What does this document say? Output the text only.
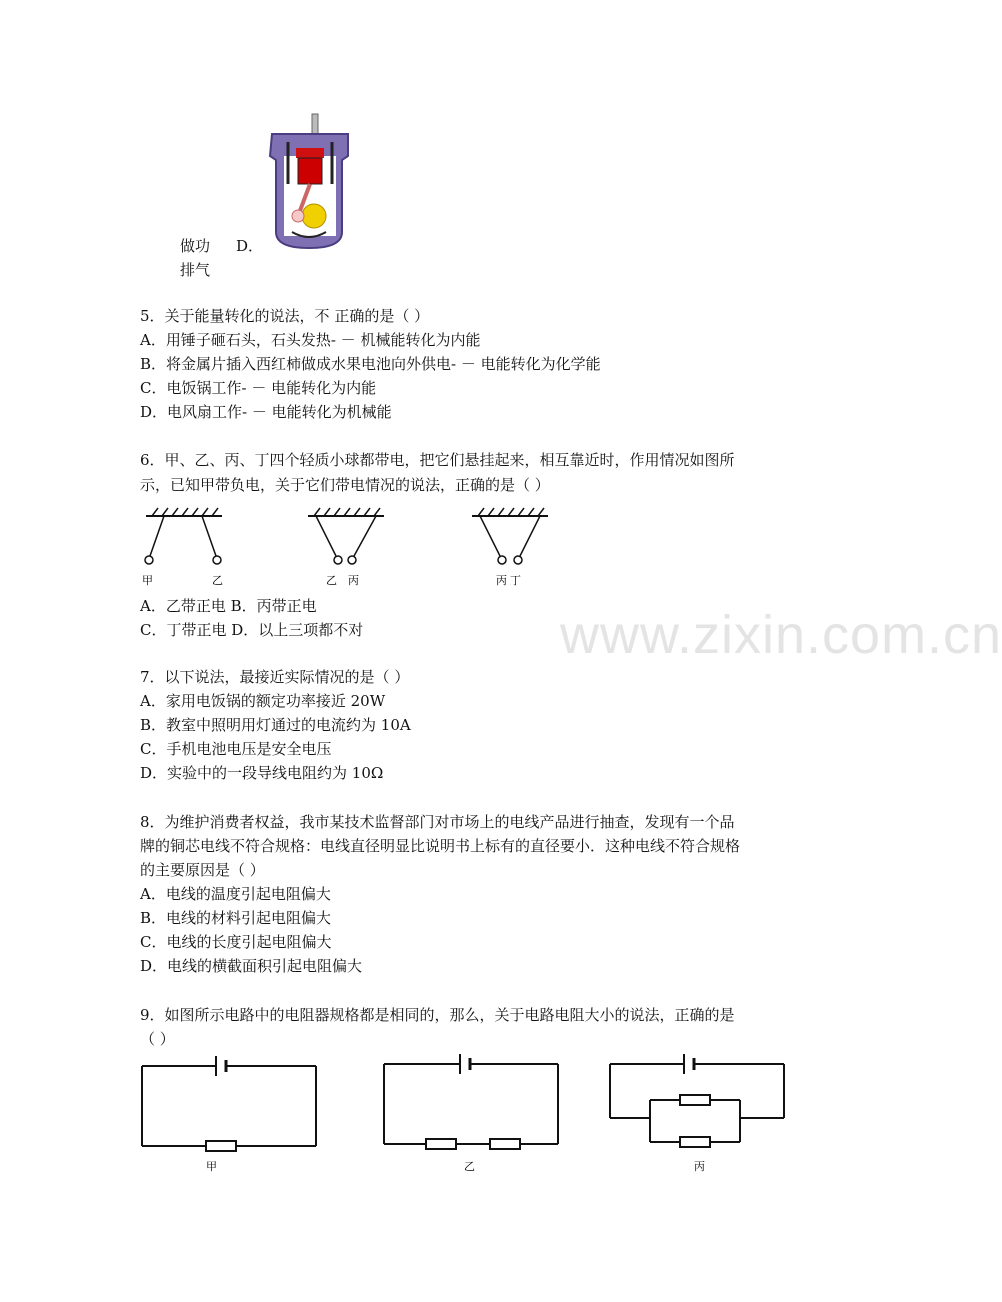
www.zixin.com.cn
做功 D．
排气
5．关于能量转化的说法，不 正确的是（ ）
A．用锤子砸石头，石头发热- － 机械能转化为内能
B．将金属片插入西红柿做成水果电池向外供电- － 电能转化为化学能
C．电饭锅工作- － 电能转化为内能
D．电风扇工作- － 电能转化为机械能
6．甲、乙、丙、丁四个轻质小球都带电，把它们悬挂起来，相互靠近时，作用情况如图所
示，已知甲带负电，关于它们带电情况的说法，正确的是（ ）
甲	乙	乙 丙	丙 丁
A．乙带正电 B．丙带正电
C．丁带正电 D．以上三项都不对
7．以下说法，最接近实际情况的是（ ）
A．家用电饭锅的额定功率接近 20W
B．教室中照明用灯通过的电流约为 10A
C．手机电池电压是安全电压
D．实验中的一段导线电阻约为 10Ω
8．为维护消费者权益，我市某技术监督部门对市场上的电线产品进行抽查，发现有一个品
牌的铜芯电线不符合规格：电线直径明显比说明书上标有的直径要小．这种电线不符合规格
的主要原因是（ ）
A．电线的温度引起电阻偏大
B．电线的材料引起电阻偏大
C．电线的长度引起电阻偏大
D．电线的横截面积引起电阻偏大
9．如图所示电路中的电阻器规格都是相同的，那么，关于电路电阻大小的说法，正确的是
（ ）
甲	乙	丙
